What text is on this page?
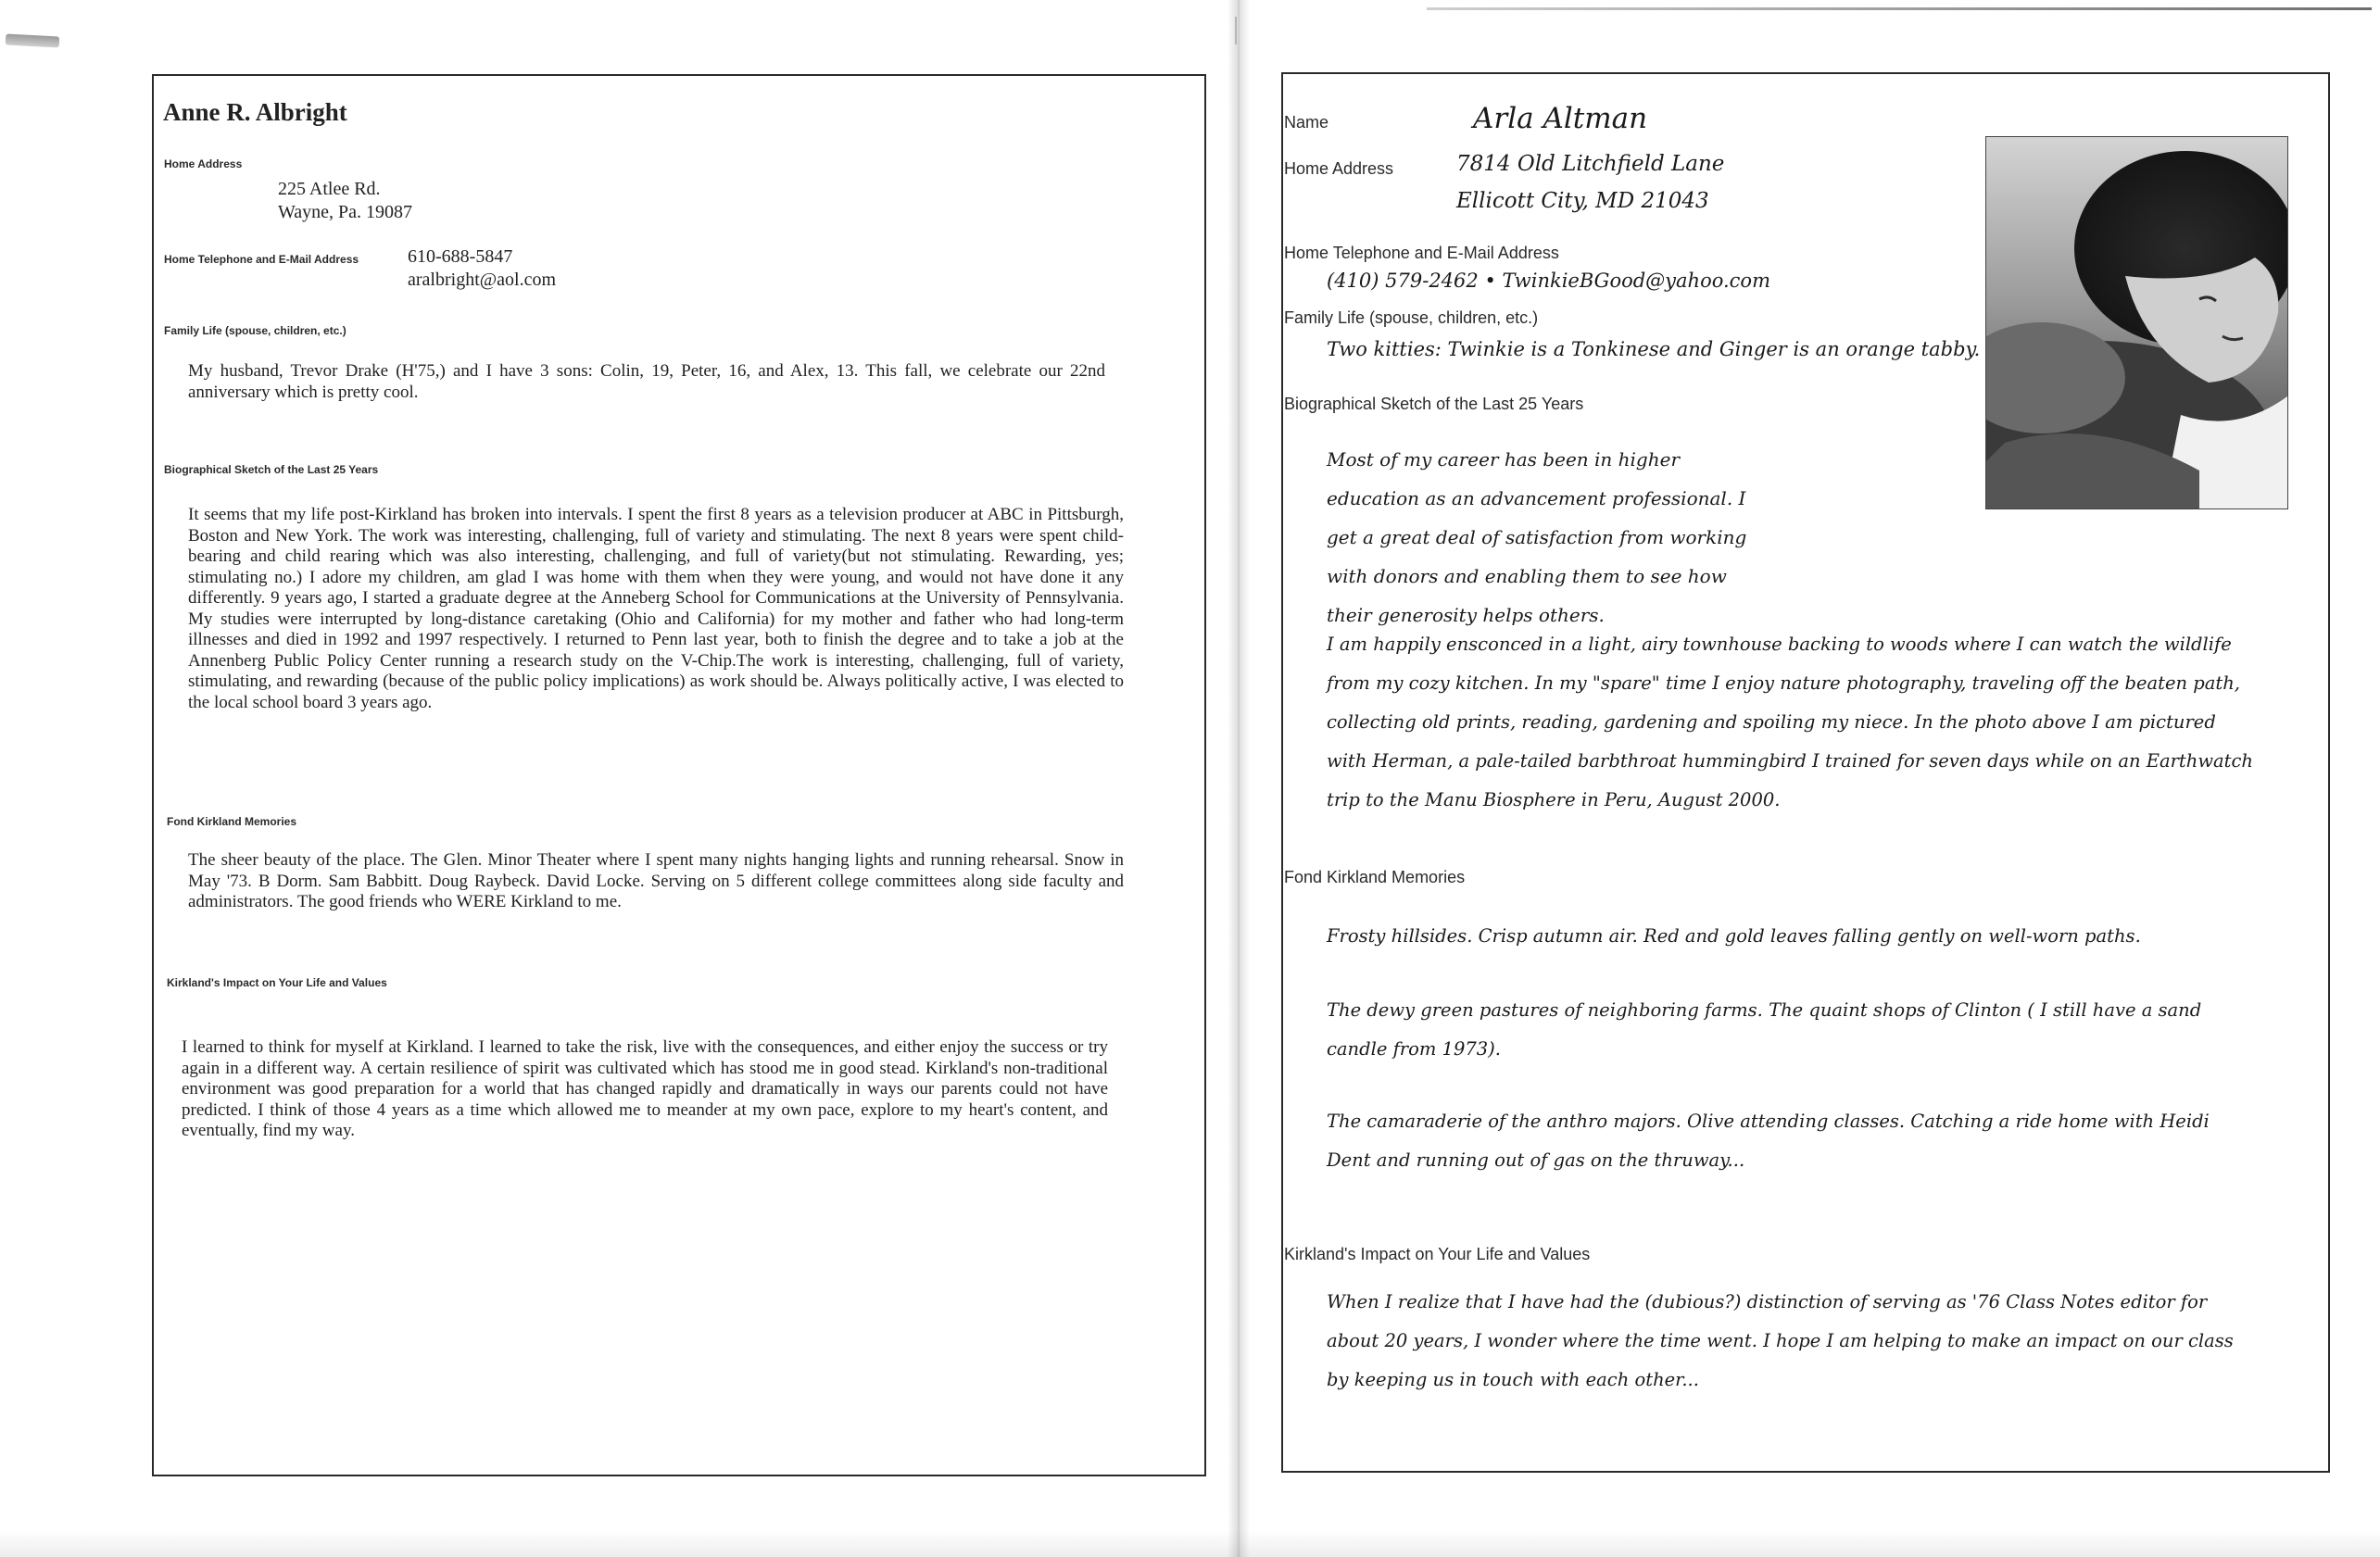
Anne R. Albright
Home Address
225 Atlee Rd.
Wayne, Pa. 19087
Home Telephone and E-Mail Address	610-688-5847
aralbright@aol.com
Family Life (spouse, children, etc.)

My husband, Trevor Drake (H'75,) and I have 3 sons: Colin, 19, Peter, 16, and Alex, 13. This fall, we celebrate our 22nd anniversary which is pretty cool.

Biographical Sketch of the Last 25 Years

It seems that my life post-Kirkland has broken into intervals. I spent the first 8 years as a television producer at ABC in Pittsburgh, Boston and New York. The work was interesting, challenging, full of variety and stimulating. The next 8 years were spent child-bearing and child rearing which was also interesting, challenging, and full of variety(but not stimulating. Rewarding, yes; stimulating no.) I adore my children, am glad I was home with them when they were young, and would not have done it any differently. 9 years ago, I started a graduate degree at the Anneberg School for Communications at the University of Pennsylvania. My studies were interrupted by long-distance caretaking (Ohio and California) for my mother and father who had long-term illnesses and died in 1992 and 1997 respectively. I returned to Penn last year, both to finish the degree and to take a job at the Annenberg Public Policy Center running a research study on the V-Chip.The work is interesting, challenging, full of variety, stimulating, and rewarding (because of the public policy implications) as work should be. Always politically active, I was elected to the local school board 3 years ago.

Fond Kirkland Memories

The sheer beauty of the place. The Glen. Minor Theater where I spent many nights hanging lights and running rehearsal. Snow in May '73. B Dorm. Sam Babbitt. Doug Raybeck. David Locke. Serving on 5 different college committees along side faculty and administrators. The good friends who WERE Kirkland to me.

Kirkland's Impact on Your Life and Values

I learned to think for myself at Kirkland. I learned to take the risk, live with the consequences, and either enjoy the success or try again in a different way. A certain resilience of spirit was cultivated which has stood me in good stead. Kirkland's non-traditional environment was good preparation for a world that has changed rapidly and dramatically in ways our parents could not have predicted. I think of those 4 years as a time which allowed me to meander at my own pace, explore to my heart's content, and eventually, find my way.

Name	Arla Altman
Home Address	7814 Old Litchfield Lane
Ellicott City, MD 21043
Home Telephone and E-Mail Address
(410) 579-2462 • TwinkieBGood@yahoo.com
Family Life (spouse, children, etc.)
Two kitties: Twinkie is a Tonkinese and Ginger is an orange tabby.
Biographical Sketch of the Last 25 Years

Most of my career has been in higher education as an advancement professional. I get a great deal of satisfaction from working with donors and enabling them to see how their generosity helps others.

I am happily ensconced in a light, airy townhouse backing to woods where I can watch the wildlife from my cozy kitchen. In my "spare" time I enjoy nature photography, traveling off the beaten path, collecting old prints, reading, gardening and spoiling my niece. In the photo above I am pictured with Herman, a pale-tailed barbthroat hummingbird I trained for seven days while on an Earthwatch trip to the Manu Biosphere in Peru, August 2000.

Fond Kirkland Memories

Frosty hillsides. Crisp autumn air. Red and gold leaves falling gently on well-worn paths.

The dewy green pastures of neighboring farms. The quaint shops of Clinton ( I still have a sand candle from 1973).

The camaraderie of the anthro majors. Olive attending classes. Catching a ride home with Heidi Dent and running out of gas on the thruway...

Kirkland's Impact on Your Life and Values

When I realize that I have had the (dubious?) distinction of serving as '76 Class Notes editor for about 20 years, I wonder where the time went. I hope I am helping to make an impact on our class by keeping us in touch with each other...
